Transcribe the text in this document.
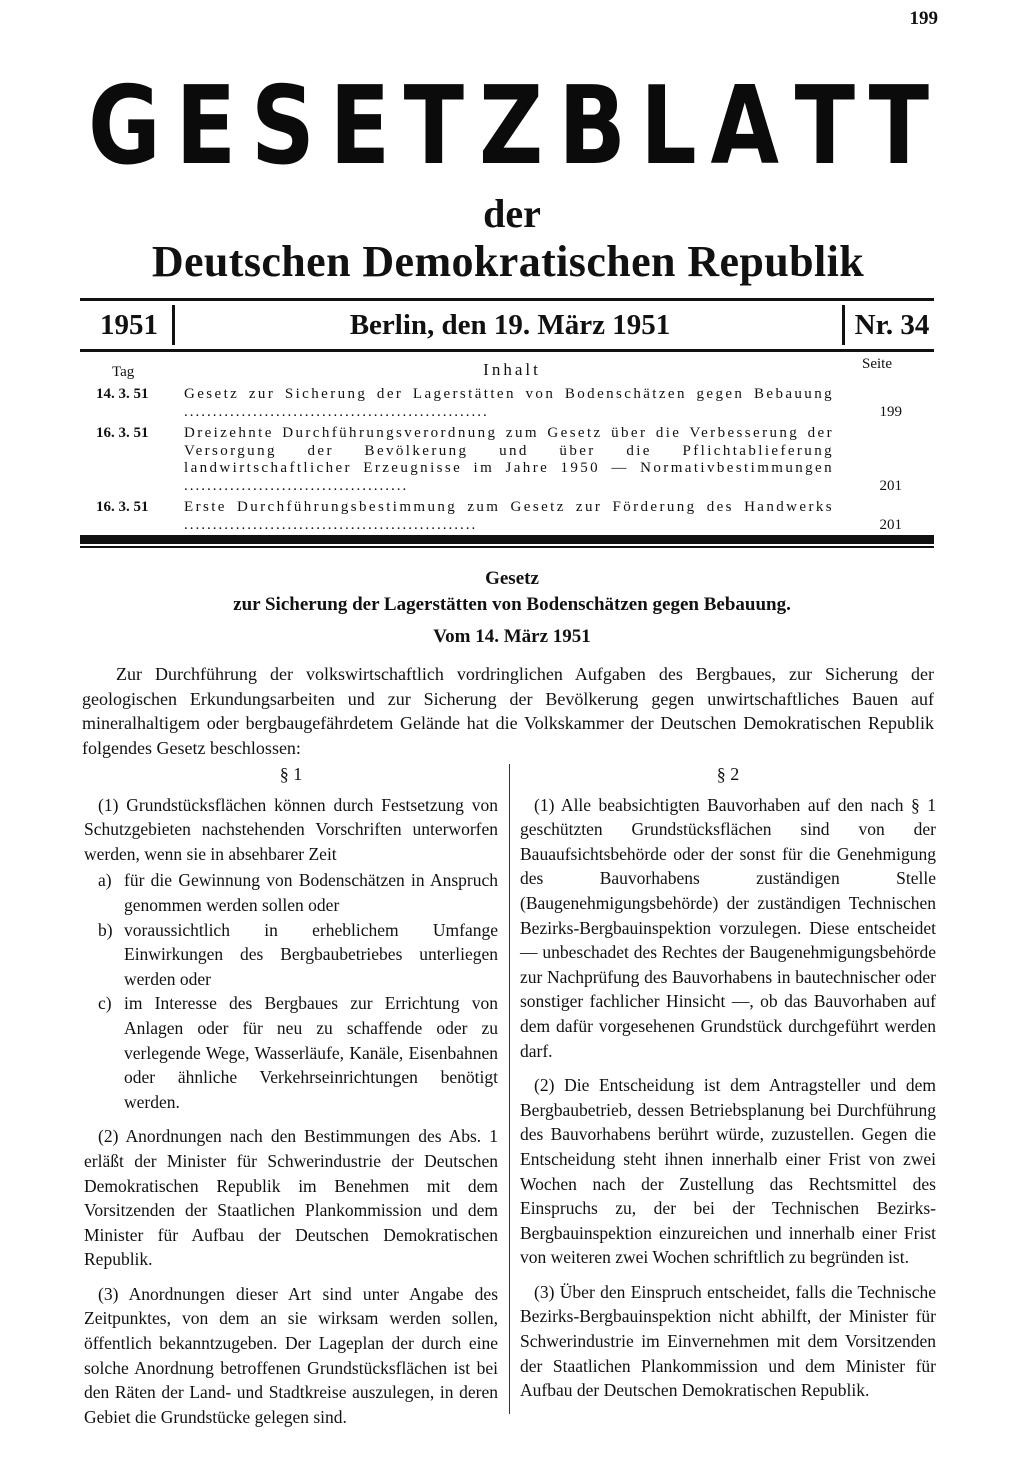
199
G E S E T Z B L A T T
der
Deutschen Demokratischen Republik
1951	Berlin, den 19. März 1951	Nr. 34
Tag	Inhalt	Seite
14. 3. 51 Gesetz zur Sicherung der Lagerstätten von Bodenschätzen gegen Bebauung .....................................................	199
16. 3. 51 Dreizehnte Durchführungsverordnung zum Gesetz über die Verbesserung der Versorgung der Bevölkerung und über die Pflichtablieferung landwirtschaftlicher Erzeugnisse im Jahre 1950 — Normativbestimmungen .......................................	201
16. 3. 51 Erste Durchführungsbestimmung zum Gesetz zur Förderung des Handwerks ...................................................	201
Gesetz
zur Sicherung der Lagerstätten von Bodenschätzen gegen Bebauung.
Vom 14. März 1951
Zur Durchführung der volkswirtschaftlich vordringlichen Aufgaben des Bergbaues, zur Sicherung der geologischen Erkundungsarbeiten und zur Sicherung der Bevölkerung gegen unwirtschaftliches Bauen auf mineralhaltigem oder bergbaugefährdetem Gelände hat die Volkskammer der Deutschen Demokratischen Republik folgendes Gesetz beschlossen:
§ 1

(1) Grundstücksflächen können durch Festsetzung von Schutzgebieten nachstehenden Vorschriften unterworfen werden, wenn sie in absehbarer Zeit

a) für die Gewinnung von Bodenschätzen in Anspruch genommen werden sollen oder
b) voraussichtlich in erheblichem Umfange Einwirkungen des Bergbaubetriebes unterliegen werden oder
c) im Interesse des Bergbaues zur Errichtung von Anlagen oder für neu zu schaffende oder zu verlegende Wege, Wasserläufe, Kanäle, Eisenbahnen oder ähnliche Verkehrseinrichtungen benötigt werden.

(2) Anordnungen nach den Bestimmungen des Abs. 1 erläßt der Minister für Schwerindustrie der Deutschen Demokratischen Republik im Benehmen mit dem Vorsitzenden der Staatlichen Plankommission und dem Minister für Aufbau der Deutschen Demokratischen Republik.

(3) Anordnungen dieser Art sind unter Angabe des Zeitpunktes, von dem an sie wirksam werden sollen, öffentlich bekanntzugeben. Der Lageplan der durch eine solche Anordnung betroffenen Grundstücksflächen ist bei den Räten der Land- und Stadtkreise auszulegen, in deren Gebiet die Grundstücke gelegen sind.

§ 2

(1) Alle beabsichtigten Bauvorhaben auf den nach § 1 geschützten Grundstücksflächen sind von der Bauaufsichtsbehörde oder der sonst für die Genehmigung des Bauvorhabens zuständigen Stelle (Baugenehmigungsbehörde) der zuständigen Technischen Bezirks-Bergbauinspektion vorzulegen. Diese entscheidet — unbeschadet des Rechtes der Baugenehmigungsbehörde zur Nachprüfung des Bauvorhabens in bautechnischer oder sonstiger fachlicher Hinsicht —, ob das Bauvorhaben auf dem dafür vorgesehenen Grundstück durchgeführt werden darf.

(2) Die Entscheidung ist dem Antragsteller und dem Bergbaubetrieb, dessen Betriebsplanung bei Durchführung des Bauvorhabens berührt würde, zuzustellen. Gegen die Entscheidung steht ihnen innerhalb einer Frist von zwei Wochen nach der Zustellung das Rechtsmittel des Einspruchs zu, der bei der Technischen Bezirks-Bergbauinspektion einzureichen und innerhalb einer Frist von weiteren zwei Wochen schriftlich zu begründen ist.

(3) Über den Einspruch entscheidet, falls die Technische Bezirks-Bergbauinspektion nicht abhilft, der Minister für Schwerindustrie im Einvernehmen mit dem Vorsitzenden der Staatlichen Plankommission und dem Minister für Aufbau der Deutschen Demokratischen Republik.
